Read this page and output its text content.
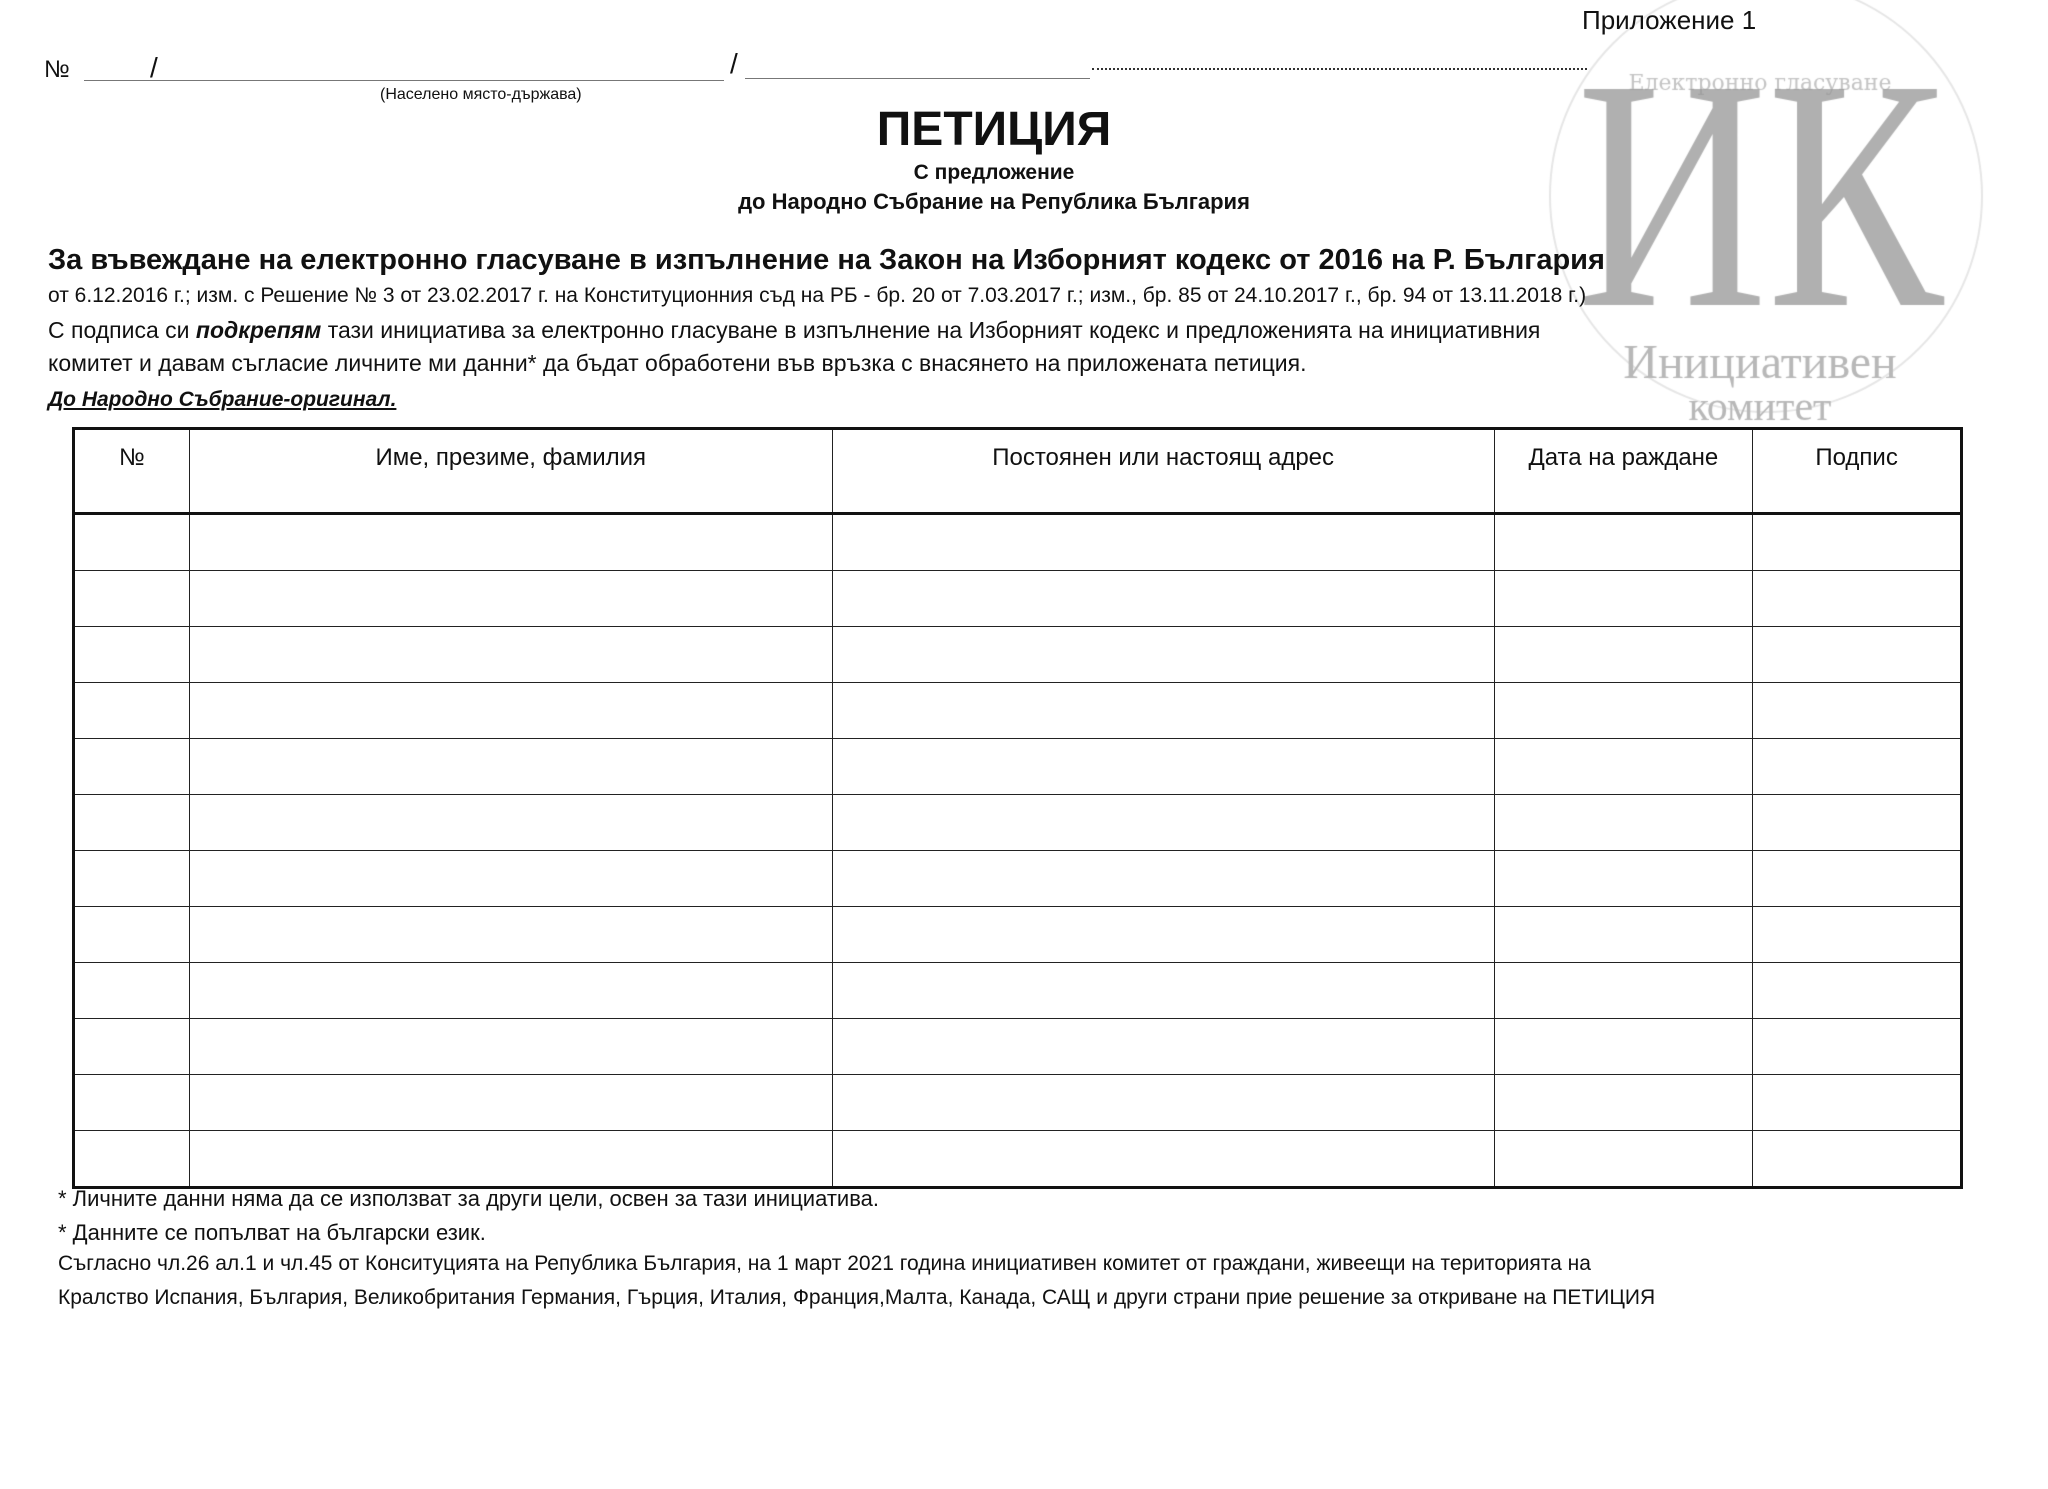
Приложение 1
№	/	/
(Населено място-държава)
ПЕТИЦИЯ
С предложение
до Народно Събрание на Република България
За въвеждане на електронно гласуване в изпълнение на Закон на Изборният кодекс от 2016 на Р. България
от 6.12.2016 г.; изм. с Решение № 3 от 23.02.2017 г. на Конституционния съд на РБ - бр. 20 от 7.03.2017 г.; изм., бр. 85 от 24.10.2017 г., бр. 94 от 13.11.2018 г.)
С подписа си подкрепям тази инициатива за електронно гласуване в изпълнение на Изборният кодекс и предложенията на инициативния
комитет и давам съгласие личните ми данни* да бъдат обработени във връзка с внасянето на приложената петиция.
До Народно Събрание-оригинал.
№	Име, презиме, фамилия	Постоянен или настоящ адрес	Дата на раждане	Подпис

* Личните данни няма да се използват за други цели, освен за тази инициатива.
* Данните се попълват на български език.
Съгласно чл.26 ал.1 и чл.45 от Конситуцията на Република България, на 1 март 2021 година инициативен комитет от граждани, живеещи на територията на
Кралство Испания, България, Великобритания Германия, Гърция, Италия, Франция,Малта, Канада, САЩ и други страни прие решение за откриване на ПЕТИЦИЯ
